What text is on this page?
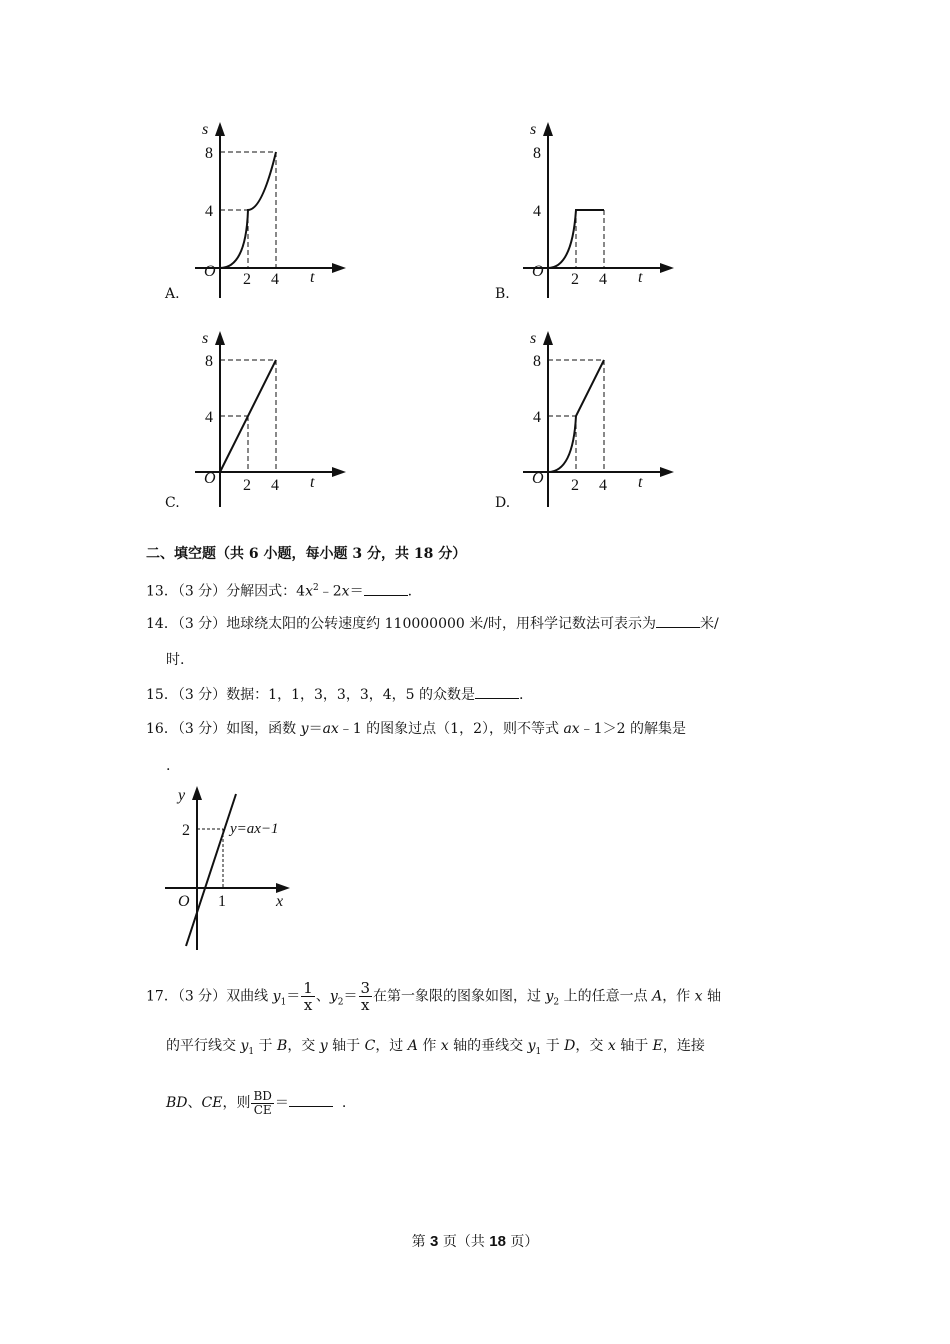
s
8
4
O 2 4 t
A.
s
8
4
O 2 4 t
B.
s
8
4
O 2 4 t
C.
s
8
4
O 2 4 t
D.
二、填空题（共 6 小题，每小题 3 分，共 18 分）
13．（3 分）分解因式：$4x^2﹣2x=$	.
14．（3 分）地球绕太阳的公转速度约 110000000 米/时，用科学记数法可表示为	米/
时.
15．（3 分）数据：1，1，3，3，3，4，5 的众数是	.
16．（3 分）如图，函数 y＝ax﹣1 的图象过点（1，2），则不等式 ax﹣1＞2 的解集是
.
y
2
O 1	x
y=ax−1
17．（3 分）双曲线 $y_1= \frac{1}{x}$ 、$y_2= \frac{3}{x}$ 在第一象限的图象如图，过 $y_2$ 上的任意一点 A，作 x 轴
的平行线交 $y_1$ 于 B，交 y 轴于 C，过 A 作 x 轴的垂线交 $y_1$ 于 D，交 x 轴于 E，连接
BD、CE，则 $\frac{BD}{CE}$ ＝	.
第 3 页（共 18 页）
